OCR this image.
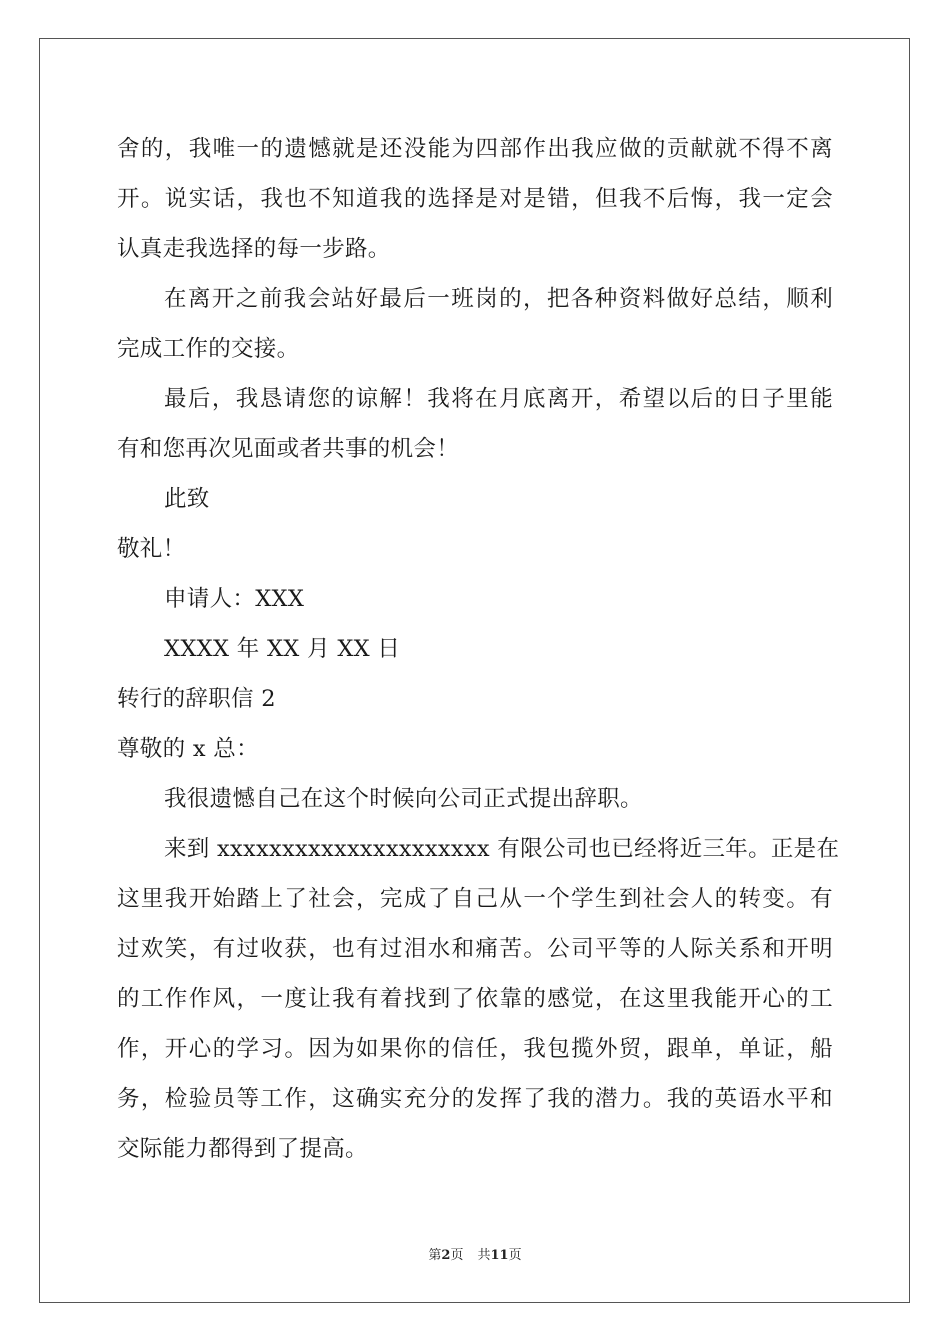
舍的，我唯一的遗憾就是还没能为四部作出我应做的贡献就不得不离
开。说实话，我也不知道我的选择是对是错，但我不后悔，我一定会
认真走我选择的每一步路。
在离开之前我会站好最后一班岗的，把各种资料做好总结，顺利
完成工作的交接。
最后，我恳请您的谅解！我将在月底离开，希望以后的日子里能
有和您再次见面或者共事的机会！
此致
敬礼！
申请人：XXX
XXXX 年 XX 月 XX 日
转行的辞职信 2
尊敬的 x 总：
我很遗憾自己在这个时候向公司正式提出辞职。
来到 xxxxxxxxxxxxxxxxxxxxx 有限公司也已经将近三年。正是在
这里我开始踏上了社会，完成了自己从一个学生到社会人的转变。有
过欢笑，有过收获，也有过泪水和痛苦。公司平等的人际关系和开明
的工作作风，一度让我有着找到了依靠的感觉，在这里我能开心的工
作，开心的学习。因为如果你的信任，我包揽外贸，跟单，单证，船
务，检验员等工作，这确实充分的发挥了我的潜力。我的英语水平和
交际能力都得到了提高。
第2页 共11页
